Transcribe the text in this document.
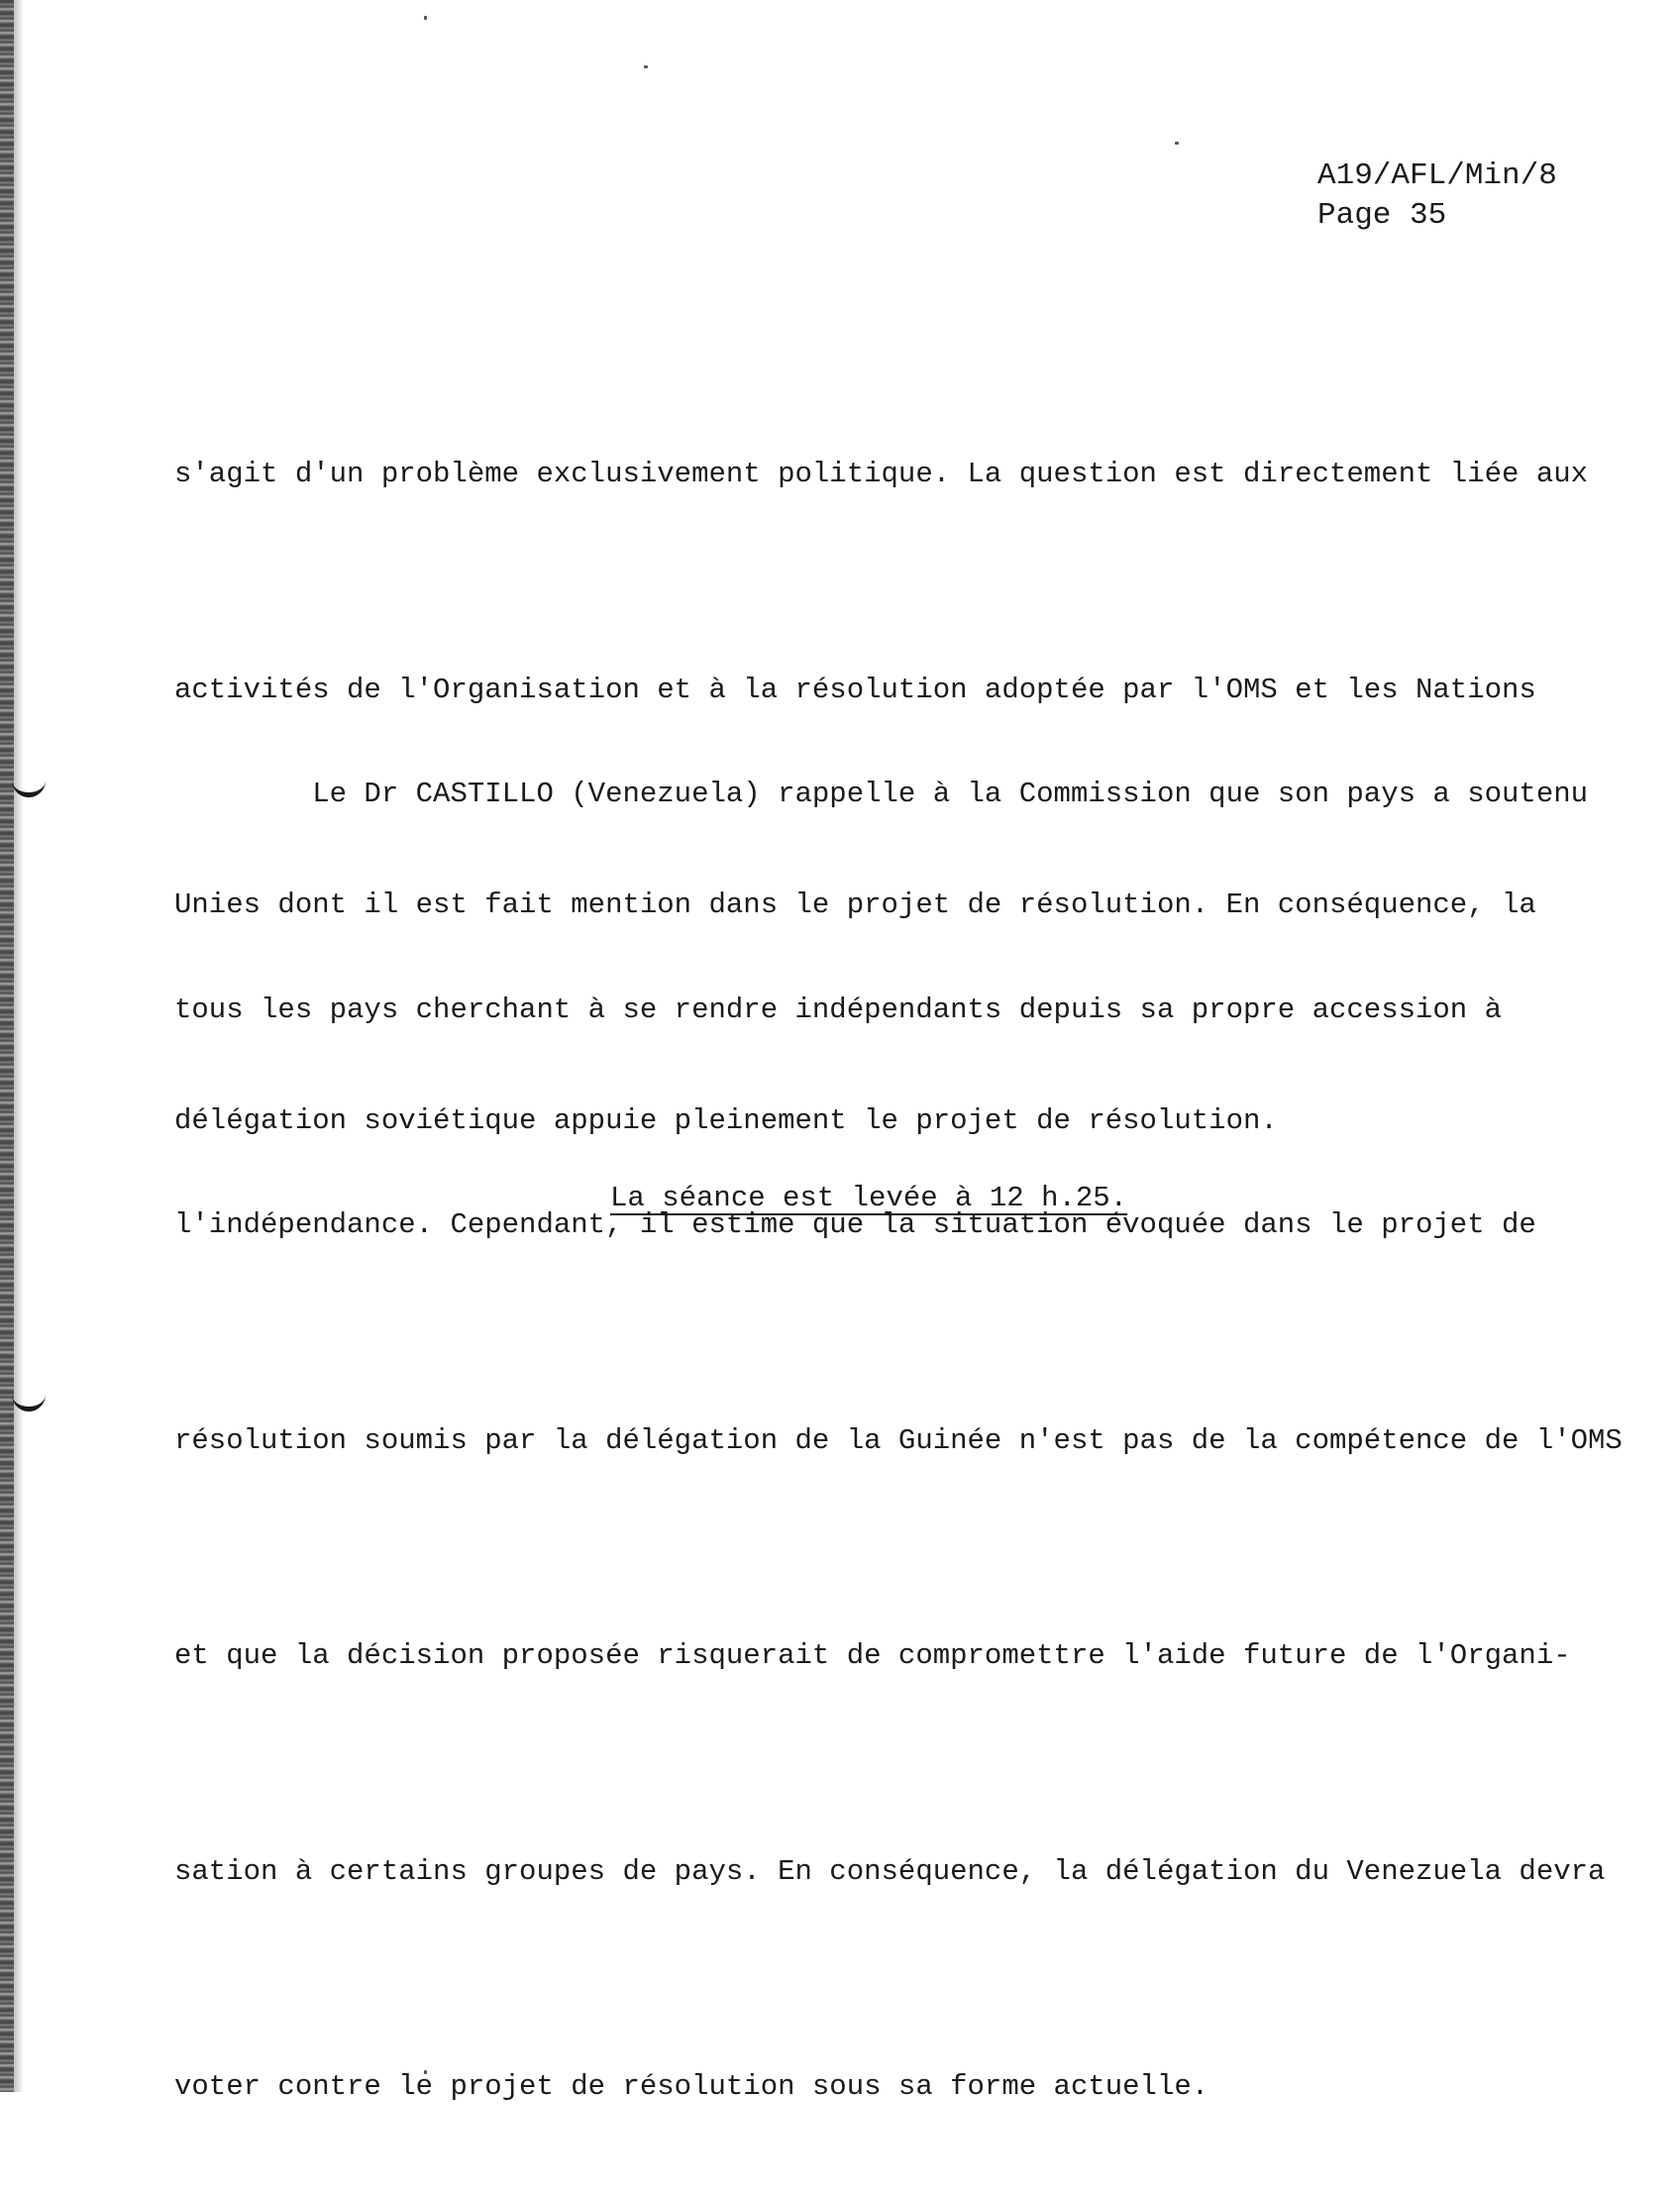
A19/AFL/Min/8
Page 35

s'agit d'un problème exclusivement politique. La question est directement liée aux

activités de l'Organisation et à la résolution adoptée par l'OMS et les Nations

Unies dont il est fait mention dans le projet de résolution. En conséquence, la

délégation soviétique appuie pleinement le projet de résolution.

Le Dr CASTILLO (Venezuela) rappelle à la Commission que son pays a soutenu

tous les pays cherchant à se rendre indépendants depuis sa propre accession à

l'indépendance. Cependant, il estime que la situation évoquée dans le projet de

résolution soumis par la délégation de la Guinée n'est pas de la compétence de l'OMS

et que la décision proposée risquerait de compromettre l'aide future de l'Organi-

sation à certains groupes de pays. En conséquence, la délégation du Venezuela devra

voter contre le projet de résolution sous sa forme actuelle.

La séance est levée à 12 h.25.
